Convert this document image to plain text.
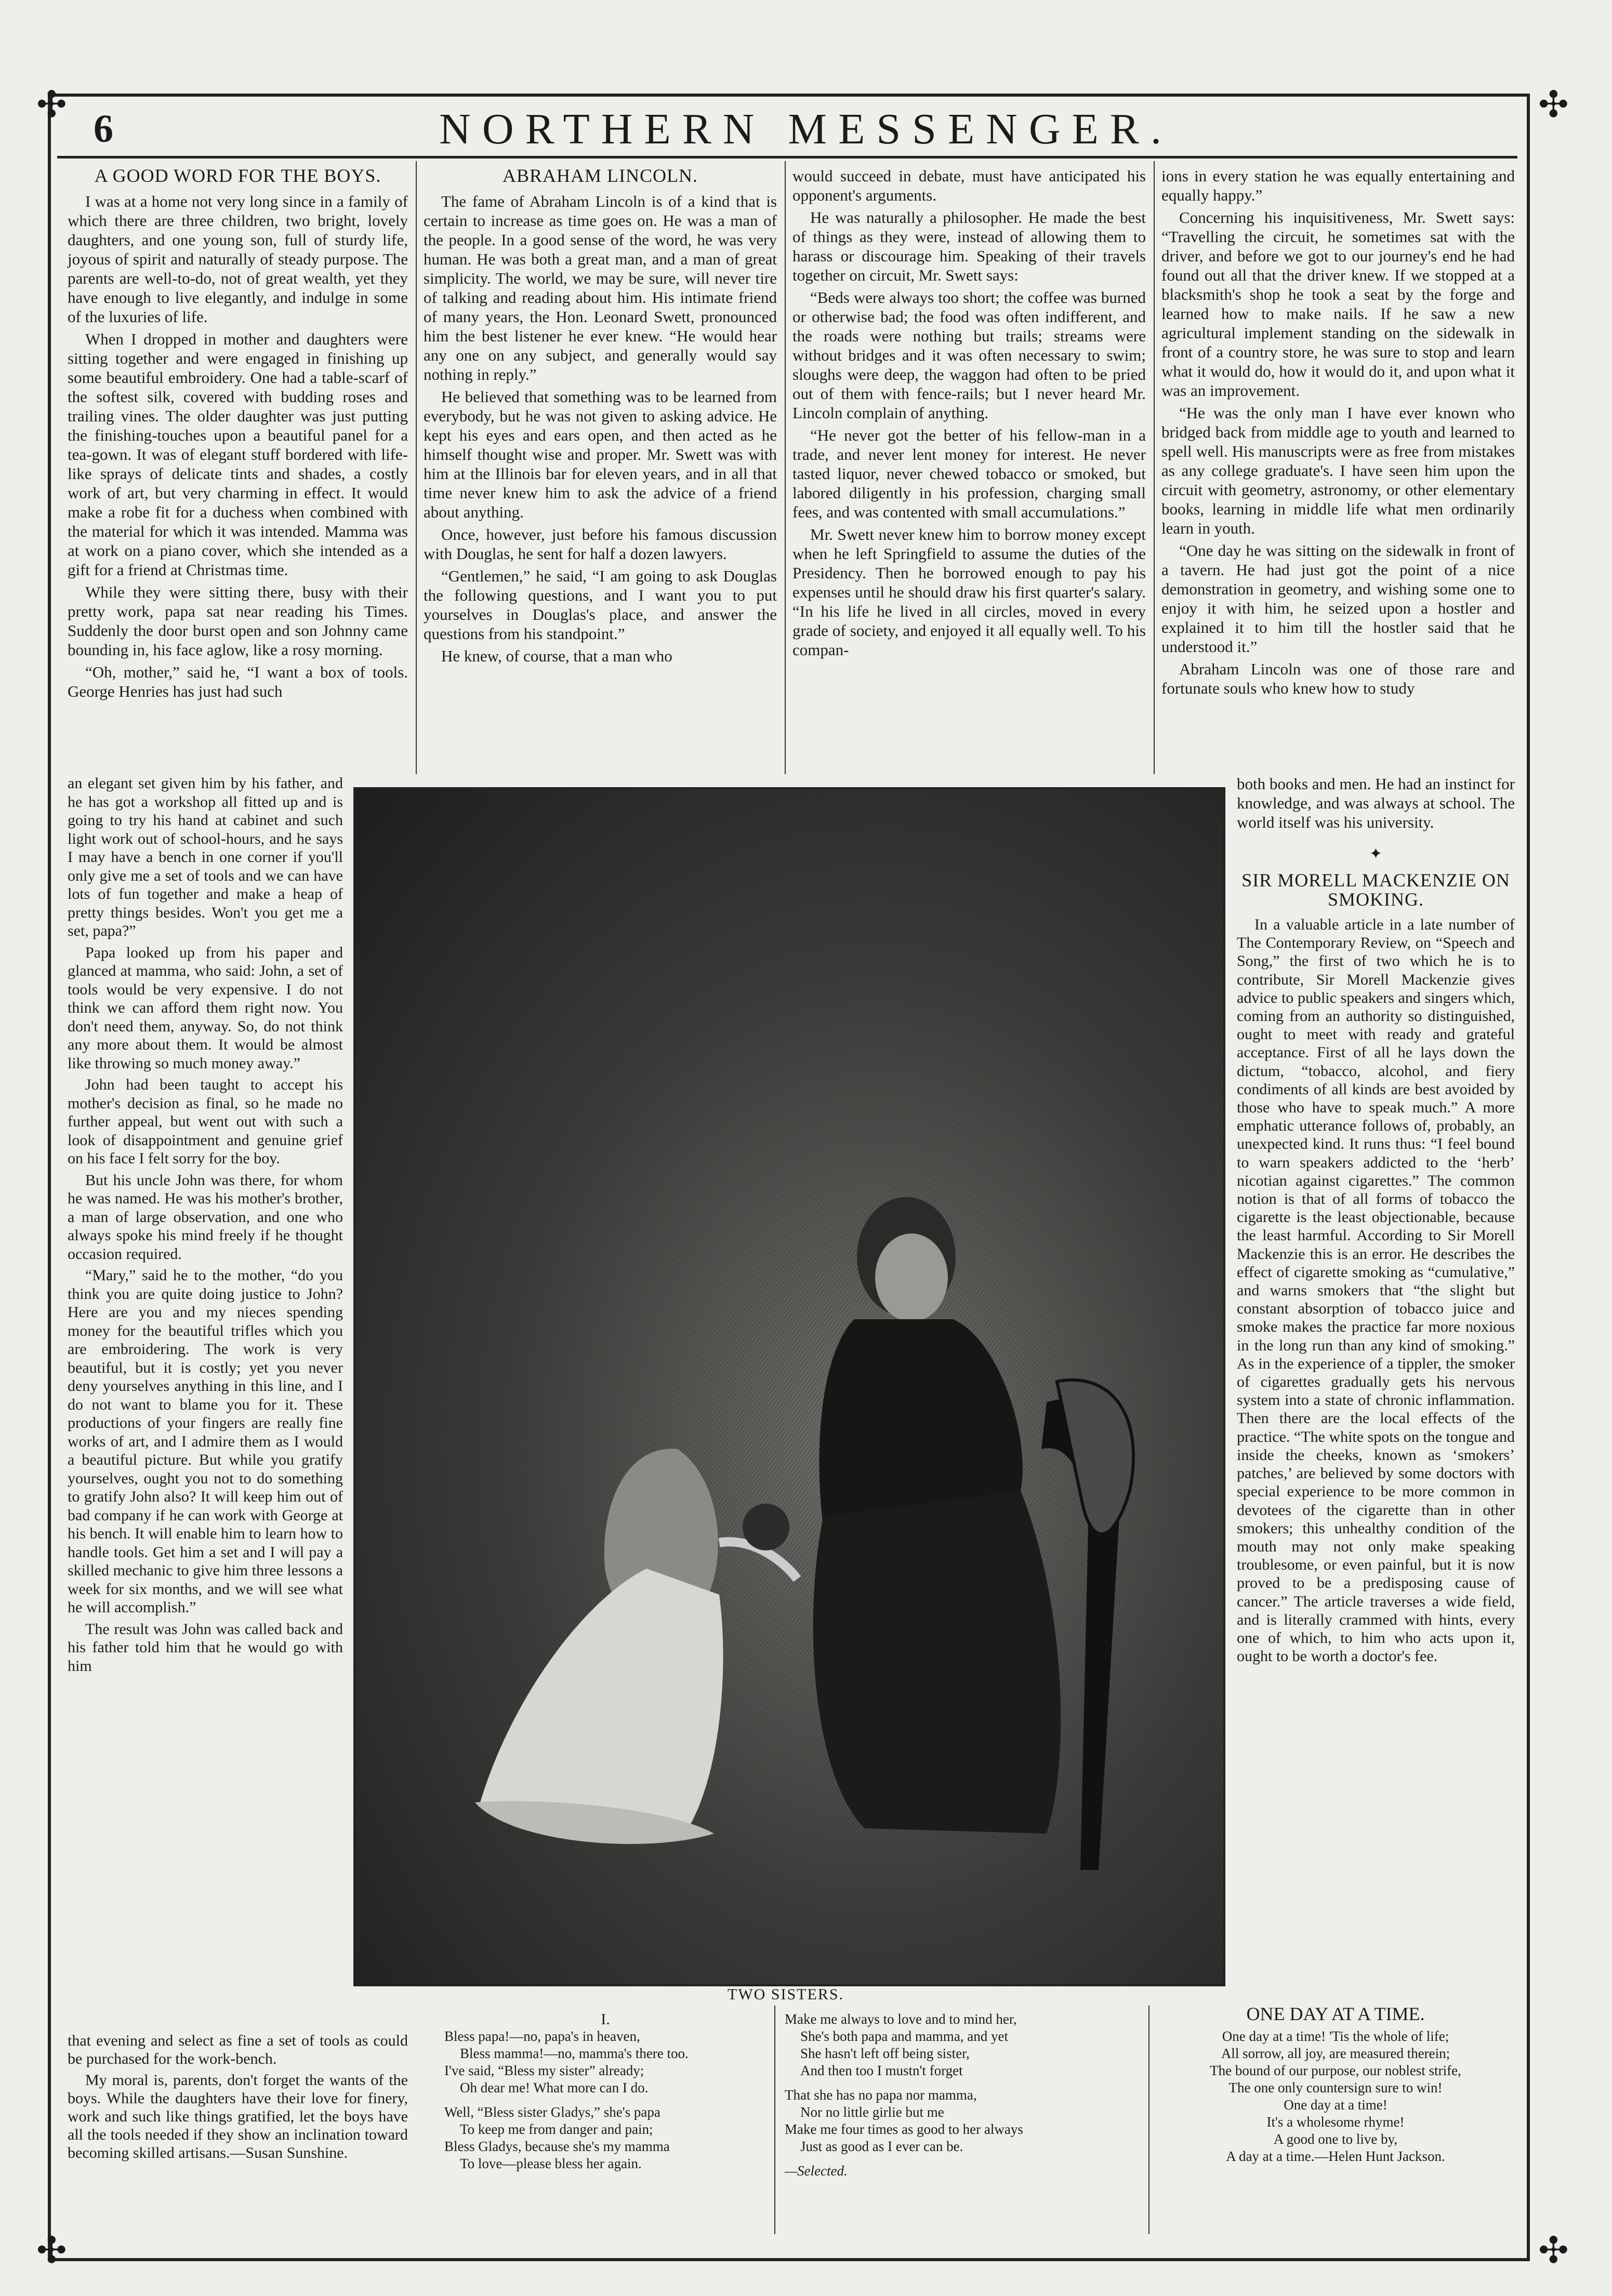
✣	✣
✣	✣
6	NORTHERN MESSENGER.
A GOOD WORD FOR THE BOYS.

I was at a home not very long since in a family of which there are three children, two bright, lovely daughters, and one young son, full of sturdy life, joyous of spirit and naturally of steady purpose. The parents are well-to-do, not of great wealth, yet they have enough to live elegantly, and indulge in some of the luxuries of life.

When I dropped in mother and daughters were sitting together and were engaged in finishing up some beautiful embroidery. One had a table-scarf of the softest silk, covered with budding roses and trailing vines. The older daughter was just putting the finishing-touches upon a beautiful panel for a tea-gown. It was of elegant stuff bordered with life-like sprays of delicate tints and shades, a costly work of art, but very charming in effect. It would make a robe fit for a duchess when combined with the material for which it was intended. Mamma was at work on a piano cover, which she intended as a gift for a friend at Christmas time.

While they were sitting there, busy with their pretty work, papa sat near reading his Times. Suddenly the door burst open and son Johnny came bounding in, his face aglow, like a rosy morning.

“Oh, mother,” said he, “I want a box of tools. George Henries has just had such

an elegant set given him by his father, and he has got a workshop all fitted up and is going to try his hand at cabinet and such light work out of school-hours, and he says I may have a bench in one corner if you'll only give me a set of tools and we can have lots of fun together and make a heap of pretty things besides. Won't you get me a set, papa?”

Papa looked up from his paper and glanced at mamma, who said: John, a set of tools would be very expensive. I do not think we can afford them right now. You don't need them, anyway. So, do not think any more about them. It would be almost like throwing so much money away.”

John had been taught to accept his mother's decision as final, so he made no further appeal, but went out with such a look of disappointment and genuine grief on his face I felt sorry for the boy.

But his uncle John was there, for whom he was named. He was his mother's brother, a man of large observation, and one who always spoke his mind freely if he thought occasion required.

“Mary,” said he to the mother, “do you think you are quite doing justice to John? Here are you and my nieces spending money for the beautiful trifles which you are embroidering. The work is very beautiful, but it is costly; yet you never deny yourselves anything in this line, and I do not want to blame you for it. These productions of your fingers are really fine works of art, and I admire them as I would a beautiful picture. But while you gratify yourselves, ought you not to do something to gratify John also? It will keep him out of bad company if he can work with George at his bench. It will enable him to learn how to handle tools. Get him a set and I will pay a skilled mechanic to give him three lessons a week for six months, and we will see what he will accomplish.”

The result was John was called back and his father told him that he would go with him

that evening and select as fine a set of tools as could be purchased for the work-bench.

My moral is, parents, don't forget the wants of the boys. While the daughters have their love for finery, work and such like things gratified, let the boys have all the tools needed if they show an inclination toward becoming skilled artisans.—Susan Sunshine.

ABRAHAM LINCOLN.

The fame of Abraham Lincoln is of a kind that is certain to increase as time goes on. He was a man of the people. In a good sense of the word, he was very human. He was both a great man, and a man of great simplicity. The world, we may be sure, will never tire of talking and reading about him. His intimate friend of many years, the Hon. Leonard Swett, pronounced him the best listener he ever knew. “He would hear any one on any subject, and generally would say nothing in reply.”

He believed that something was to be learned from everybody, but he was not given to asking advice. He kept his eyes and ears open, and then acted as he himself thought wise and proper. Mr. Swett was with him at the Illinois bar for eleven years, and in all that time never knew him to ask the advice of a friend about anything.

Once, however, just before his famous discussion with Douglas, he sent for half a dozen lawyers.

“Gentlemen,” he said, “I am going to ask Douglas the following questions, and I want you to put yourselves in Douglas's place, and answer the questions from his standpoint.”

He knew, of course, that a man who

would succeed in debate, must have anticipated his opponent's arguments.

He was naturally a philosopher. He made the best of things as they were, instead of allowing them to harass or discourage him. Speaking of their travels together on circuit, Mr. Swett says:

“Beds were always too short; the coffee was burned or otherwise bad; the food was often indifferent, and the roads were nothing but trails; streams were without bridges and it was often necessary to swim; sloughs were deep, the waggon had often to be pried out of them with fence-rails; but I never heard Mr. Lincoln complain of anything.

“He never got the better of his fellow-man in a trade, and never lent money for interest. He never tasted liquor, never chewed tobacco or smoked, but labored diligently in his profession, charging small fees, and was contented with small accumulations.”

Mr. Swett never knew him to borrow money except when he left Springfield to assume the duties of the Presidency. Then he borrowed enough to pay his expenses until he should draw his first quarter's salary. “In his life he lived in all circles, moved in every grade of society, and enjoyed it all equally well. To his compan-

ions in every station he was equally entertaining and equally happy.”

Concerning his inquisitiveness, Mr. Swett says: “Travelling the circuit, he sometimes sat with the driver, and before we got to our journey's end he had found out all that the driver knew. If we stopped at a blacksmith's shop he took a seat by the forge and learned how to make nails. If he saw a new agricultural implement standing on the sidewalk in front of a country store, he was sure to stop and learn what it would do, how it would do it, and upon what it was an improvement.

“He was the only man I have ever known who bridged back from middle age to youth and learned to spell well. His manuscripts were as free from mistakes as any college graduate's. I have seen him upon the circuit with geometry, astronomy, or other elementary books, learning in middle life what men ordinarily learn in youth.

“One day he was sitting on the sidewalk in front of a tavern. He had just got the point of a nice demonstration in geometry, and wishing some one to enjoy it with him, he seized upon a hostler and explained it to him till the hostler said that he understood it.”

Abraham Lincoln was one of those rare and fortunate souls who knew how to study

both books and men. He had an instinct for knowledge, and was always at school. The world itself was his university.

✦
SIR MORELL MACKENZIE ON SMOKING.

In a valuable article in a late number of The Contemporary Review, on “Speech and Song,” the first of two which he is to contribute, Sir Morell Mackenzie gives advice to public speakers and singers which, coming from an authority so distinguished, ought to meet with ready and grateful acceptance. First of all he lays down the dictum, “tobacco, alcohol, and fiery condiments of all kinds are best avoided by those who have to speak much.” A more emphatic utterance follows of, probably, an unexpected kind. It runs thus: “I feel bound to warn speakers addicted to the ‘herb’ nicotian against cigarettes.” The common notion is that of all forms of tobacco the cigarette is the least objectionable, because the least harmful. According to Sir Morell Mackenzie this is an error. He describes the effect of cigarette smoking as “cumulative,” and warns smokers that “the slight but constant absorption of tobacco juice and smoke makes the practice far more noxious in the long run than any kind of smoking.” As in the experience of a tippler, the smoker of cigarettes gradually gets his nervous system into a state of chronic inflammation. Then there are the local effects of the practice. “The white spots on the tongue and inside the cheeks, known as ‘smokers’ patches,’ are believed by some doctors with special experience to be more common in devotees of the cigarette than in other smokers; this unhealthy condition of the mouth may not only make speaking troublesome, or even painful, but it is now proved to be a predisposing cause of cancer.” The article traverses a wide field, and is literally crammed with hints, every one of which, to him who acts upon it, ought to be worth a doctor's fee.

TWO SISTERS.
I.
Bless papa!—no, papa's in heaven,
Bless mamma!—no, mamma's there too.
I've said, “Bless my sister” already;
Oh dear me! What more can I do.
Well, “Bless sister Gladys,” she's papa
To keep me from danger and pain;
Bless Gladys, because she's my mamma
To love—please bless her again.
Make me always to love and to mind her,
She's both papa and mamma, and yet
She hasn't left off being sister,
And then too I mustn't forget
That she has no papa nor mamma,
Nor no little girlie but me
Make me four times as good to her always
Just as good as I ever can be.
—Selected.
ONE DAY AT A TIME.
One day at a time! 'Tis the whole of life;
All sorrow, all joy, are measured therein;
The bound of our purpose, our noblest strife,
The one only countersign sure to win!
One day at a time!
It's a wholesome rhyme!
A good one to live by,
A day at a time.—Helen Hunt Jackson.
